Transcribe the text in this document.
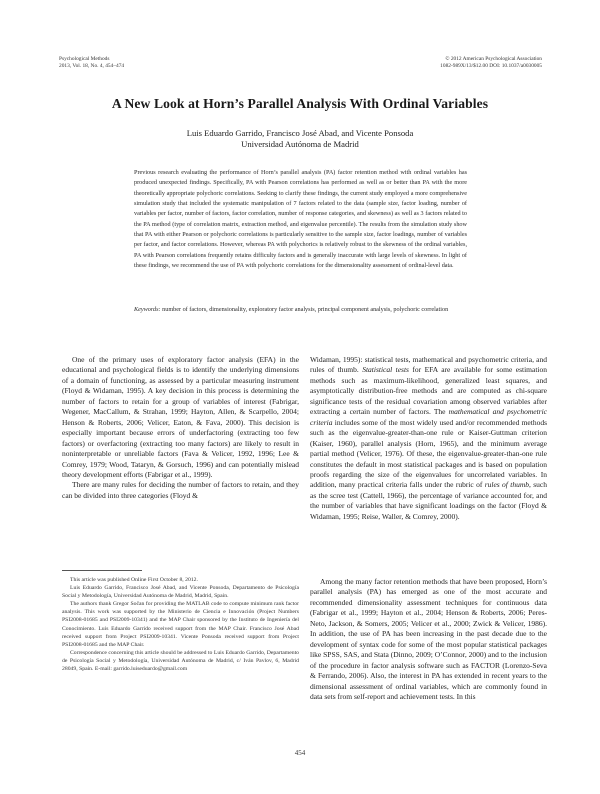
Psychological Methods
2013, Vol. 18, No. 4, 454–474
© 2012 American Psychological Association
1082-989X/13/$12.00 DOI: 10.1037/a0030005
A New Look at Horn’s Parallel Analysis With Ordinal Variables
Luis Eduardo Garrido, Francisco José Abad, and Vicente Ponsoda
Universidad Autónoma de Madrid
Previous research evaluating the performance of Horn’s parallel analysis (PA) factor retention method with ordinal variables has produced unexpected findings. Specifically, PA with Pearson correlations has performed as well as or better than PA with the more theoretically appropriate polychoric correlations. Seeking to clarify these findings, the current study employed a more comprehensive simulation study that included the systematic manipulation of 7 factors related to the data (sample size, factor loading, number of variables per factor, number of factors, factor correlation, number of response categories, and skewness) as well as 3 factors related to the PA method (type of correlation matrix, extraction method, and eigenvalue percentile). The results from the simulation study show that PA with either Pearson or polychoric correlations is particularly sensitive to the sample size, factor loadings, number of variables per factor, and factor correlations. However, whereas PA with polychorics is relatively robust to the skewness of the ordinal variables, PA with Pearson correlations frequently retains difficulty factors and is generally inaccurate with large levels of skewness. In light of these findings, we recommend the use of PA with polychoric correlations for the dimensionality assessment of ordinal-level data.
Keywords: number of factors, dimensionality, exploratory factor analysis, principal component analysis, polychoric correlation

One of the primary uses of exploratory factor analysis (EFA) in the educational and psychological fields is to identify the underlying dimensions of a domain of functioning, as assessed by a particular measuring instrument (Floyd & Widaman, 1995). A key decision in this process is determining the number of factors to retain for a group of variables of interest (Fabrigar, Wegener, MacCallum, & Strahan, 1999; Hayton, Allen, & Scarpello, 2004; Henson & Roberts, 2006; Velicer, Eaton, & Fava, 2000). This decision is especially important because errors of underfactoring (extracting too few factors) or overfactoring (extracting too many factors) are likely to result in noninterpretable or unreliable factors (Fava & Velicer, 1992, 1996; Lee & Comrey, 1979; Wood, Tataryn, & Gorsuch, 1996) and can potentially mislead theory development efforts (Fabrigar et al., 1999).

There are many rules for deciding the number of factors to retain, and they can be divided into three categories (Floyd &

Widaman, 1995): statistical tests, mathematical and psychometric criteria, and rules of thumb. Statistical tests for EFA are available for some estimation methods such as maximum-likelihood, generalized least squares, and asymptotically distribution-free methods and are computed as chi-square significance tests of the residual covariation among observed variables after extracting a certain number of factors. The mathematical and psychometric criteria includes some of the most widely used and/or recommended methods such as the eigenvalue-greater-than-one rule or Kaiser-Guttman criterion (Kaiser, 1960), parallel analysis (Horn, 1965), and the minimum average partial method (Velicer, 1976). Of these, the eigenvalue-greater-than-one rule constitutes the default in most statistical packages and is based on population proofs regarding the size of the eigenvalues for uncorrelated variables. In addition, many practical criteria falls under the rubric of rules of thumb, such as the scree test (Cattell, 1966), the percentage of variance accounted for, and the number of variables that have significant loadings on the factor (Floyd & Widaman, 1995; Reise, Waller, & Comrey, 2000).

Among the many factor retention methods that have been proposed, Horn’s parallel analysis (PA) has emerged as one of the most accurate and recommended dimensionality assessment techniques for continuous data (Fabrigar et al., 1999; Hayton et al., 2004; Henson & Roberts, 2006; Peres-Neto, Jackson, & Somers, 2005; Velicer et al., 2000; Zwick & Velicer, 1986). In addition, the use of PA has been increasing in the past decade due to the development of syntax code for some of the most popular statistical packages like SPSS, SAS, and Stata (Dinno, 2009; O’Connor, 2000) and to the inclusion of the procedure in factor analysis software such as FACTOR (Lorenzo-Seva & Ferrando, 2006). Also, the interest in PA has extended in recent years to the dimensional assessment of ordinal variables, which are commonly found in data sets from self-report and achievement tests. In this

This article was published Online First October 8, 2012.

Luis Eduardo Garrido, Francisco José Abad, and Vicente Ponsoda, Departamento de Psicología Social y Metodología, Universidad Autónoma de Madrid, Madrid, Spain.

The authors thank Gregor Sočan for providing the MATLAB code to compute minimum rank factor analysis. This work was supported by the Ministerio de Ciencia e Innovación (Project Numbers PSI2008-01685 and PSI2009-10341) and the MAP Chair sponsored by the Instituto de Ingeniería del Conocimiento. Luis Eduardo Garrido received support from the MAP Chair. Francisco José Abad received support from Project PSI2009-10341. Vicente Ponsoda received support from Project PSI2008-01685 and the MAP Chair.

Correspondence concerning this article should be addressed to Luis Eduardo Garrido, Departamento de Psicología Social y Metodología, Universidad Autónoma de Madrid, c/ Iván Pavlov, 6, Madrid 28049, Spain. E-mail: garrido.luiseduardo@gmail.com

454
